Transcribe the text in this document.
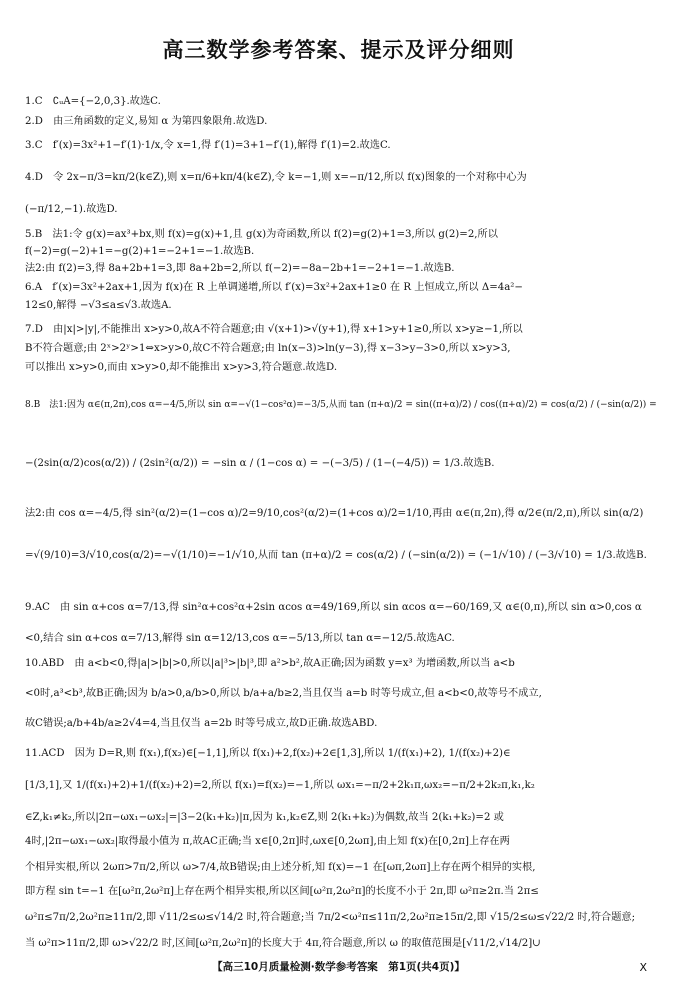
高三数学参考答案、提示及评分细则
1.C　∁ᵤA={−2,0,3}.故选C.
2.D　由三角函数的定义,易知 α 为第四象限角.故选D.
3.C　f′(x)=3x²+1−f′(1)·1/x,令 x=1,得 f′(1)=3+1−f′(1),解得 f′(1)=2.故选C.
4.D　令 2x−π/3=kπ/2(k∈Z),则 x=π/6+kπ/4(k∈Z),令 k=−1,则 x=−π/12,所以 f(x)图象的一个对称中心为
(−π/12,−1).故选D.
5.B　法1:令 g(x)=ax³+bx,则 f(x)=g(x)+1,且 g(x)为奇函数,所以 f(2)=g(2)+1=3,所以 g(2)=2,所以
f(−2)=g(−2)+1=−g(2)+1=−2+1=−1.故选B.
法2:由 f(2)=3,得 8a+2b+1=3,即 8a+2b=2,所以 f(−2)=−8a−2b+1=−2+1=−1.故选B.
6.A　f′(x)=3x²+2ax+1,因为 f(x)在 R 上单调递增,所以 f′(x)=3x²+2ax+1≥0 在 R 上恒成立,所以 Δ=4a²−
12≤0,解得 −√3≤a≤√3.故选A.
7.D　由|x|>|y|,不能推出 x>y>0,故A不符合题意;由 √(x+1)>√(y+1),得 x+1>y+1≥0,所以 x>y≥−1,所以
B不符合题意;由 2ˣ>2ʸ>1⇔x>y>0,故C不符合题意;由 ln(x−3)>ln(y−3),得 x−3>y−3>0,所以 x>y>3,
可以推出 x>y>0,而由 x>y>0,却不能推出 x>y>3,符合题意.故选D.
8.B　法1:因为 α∈(π,2π),cos α=−4/5,所以 sin α=−√(1−cos²α)=−3/5,从而 tan (π+α)/2 = sin((π+α)/2) / cos((π+α)/2) = cos(α/2) / (−sin(α/2)) =
−(2sin(α/2)cos(α/2)) / (2sin²(α/2)) = −sin α / (1−cos α) = −(−3/5) / (1−(−4/5)) = 1/3.故选B.
法2:由 cos α=−4/5,得 sin²(α/2)=(1−cos α)/2=9/10,cos²(α/2)=(1+cos α)/2=1/10,再由 α∈(π,2π),得 α/2∈(π/2,π),所以 sin(α/2)
=√(9/10)=3/√10,cos(α/2)=−√(1/10)=−1/√10,从而 tan (π+α)/2 = cos(α/2) / (−sin(α/2)) = (−1/√10) / (−3/√10) = 1/3.故选B.
9.AC　由 sin α+cos α=7/13,得 sin²α+cos²α+2sin αcos α=49/169,所以 sin αcos α=−60/169,又 α∈(0,π),所以 sin α>0,cos α
<0,结合 sin α+cos α=7/13,解得 sin α=12/13,cos α=−5/13,所以 tan α=−12/5.故选AC.
10.ABD　由 a<b<0,得|a|>|b|>0,所以|a|³>|b|³,即 a²>b²,故A正确;因为函数 y=x³ 为增函数,所以当 a<b
<0时,a³<b³,故B正确;因为 b/a>0,a/b>0,所以 b/a+a/b≥2,当且仅当 a=b 时等号成立,但 a<b<0,故等号不成立,
故C错误;a/b+4b/a≥2√4=4,当且仅当 a=2b 时等号成立,故D正确.故选ABD.
11.ACD　因为 D=R,则 f(x₁),f(x₂)∈[−1,1],所以 f(x₁)+2,f(x₂)+2∈[1,3],所以 1/(f(x₁)+2), 1/(f(x₂)+2)∈
[1/3,1],又 1/(f(x₁)+2)+1/(f(x₂)+2)=2,所以 f(x₁)=f(x₂)=−1,所以 ωx₁=−π/2+2k₁π,ωx₂=−π/2+2k₂π,k₁,k₂
∈Z,k₁≠k₂,所以|2π−ωx₁−ωx₂|=|3−2(k₁+k₂)|π,因为 k₁,k₂∈Z,则 2(k₁+k₂)为偶数,故当 2(k₁+k₂)=2 或
4时,|2π−ωx₁−ωx₂|取得最小值为 π,故AC正确;当 x∈[0,2π]时,ωx∈[0,2ωπ],由上知 f(x)在[0,2π]上存在两
个相异实根,所以 2ωπ>7π/2,所以 ω>7/4,故B错误;由上述分析,知 f(x)=−1 在[ωπ,2ωπ]上存在两个相异的实根,
即方程 sin t=−1 在[ω²π,2ω²π]上存在两个相异实根,所以区间[ω²π,2ω²π]的长度不小于 2π,即 ω²π≥2π.当 2π≤
ω²π≤7π/2,2ω²π≥11π/2,即 √11/2≤ω≤√14/2 时,符合题意;当 7π/2<ω²π≤11π/2,2ω²π≥15π/2,即 √15/2≤ω≤√22/2 时,符合题意;
当 ω²π>11π/2,即 ω>√22/2 时,区间[ω²π,2ω²π]的长度大于 4π,符合题意,所以 ω 的取值范围是[√11/2,√14/2]∪
【高三10月质量检测·数学参考答案　第1页(共4页)】	X
